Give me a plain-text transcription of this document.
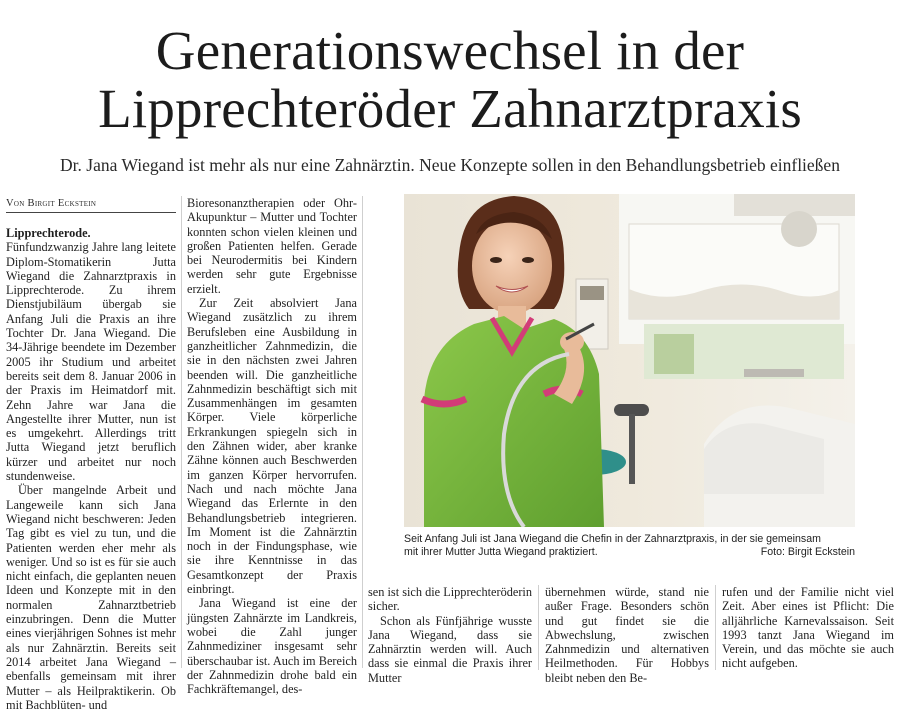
Generationswechsel in der
Lipprechteröder Zahnarztpraxis
Dr. Jana Wiegand ist mehr als nur eine Zahnärztin. Neue Konzepte sollen in den Behandlungsbetrieb einfließen
Von Birgit Eckstein

Lipprechterode. Fünfundzwanzig Jahre lang leitete Diplom-Stomatikerin Jutta Wiegand die Zahnarztpraxis in Lipprechterode. Zu ihrem Dienstjubiläum übergab sie Anfang Juli die Praxis an ihre Tochter Dr. Jana Wiegand. Die 34-Jährige beendete im Dezember 2005 ihr Studium und arbeitet bereits seit dem 8. Januar 2006 in der Praxis im Heimatdorf mit. Zehn Jahre war Jana die Angestellte ihrer Mutter, nun ist es umgekehrt. Allerdings tritt Jutta Wiegand jetzt beruflich kürzer und arbeitet nur noch stundenweise.

Über mangelnde Arbeit und Langeweile kann sich Jana Wiegand nicht beschweren: Jeden Tag gibt es viel zu tun, und die Patienten werden eher mehr als weniger. Und so ist es für sie auch nicht einfach, die geplanten neuen Ideen und Konzepte mit in den normalen Zahnarztbetrieb einzubringen. Denn die Mutter eines vierjährigen Sohnes ist mehr als nur Zahnärztin. Bereits seit 2014 arbeitet Jana Wiegand – ebenfalls gemeinsam mit ihrer Mutter – als Heilpraktikerin. Ob mit Bachblüten- und

Bioresonanztherapien oder Ohr-Akupunktur – Mutter und Tochter konnten schon vielen kleinen und großen Patienten helfen. Gerade bei Neurodermitis bei Kindern werden sehr gute Ergebnisse erzielt.

Zur Zeit absolviert Jana Wiegand zusätzlich zu ihrem Berufsleben eine Ausbildung in ganzheitlicher Zahnmedizin, die sie in den nächsten zwei Jahren beenden will. Die ganzheitliche Zahnmedizin beschäftigt sich mit Zusammenhängen im gesamten Körper. Viele körperliche Erkrankungen spiegeln sich in den Zähnen wider, aber kranke Zähne können auch Beschwerden im ganzen Körper hervorrufen. Nach und nach möchte Jana Wiegand das Erlernte in den Behandlungsbetrieb integrieren. Im Moment ist die Zahnärztin noch in der Findungsphase, wie sie ihre Kenntnisse in das Gesamtkonzept der Praxis einbringt.

Jana Wiegand ist eine der jüngsten Zahnärzte im Landkreis, wobei die Zahl junger Zahnmediziner insgesamt sehr überschaubar ist. Auch im Bereich der Zahnmedizin drohe bald ein Fachkräftemangel, des-

Seit Anfang Juli ist Jana Wiegand die Chefin in der Zahnarztpraxis, in der sie gemeinsam
mit ihrer Mutter Jutta Wiegand praktiziert.	Foto: Birgit Eckstein

sen ist sich die Lipprechteröderin sicher.

Schon als Fünfjährige wusste Jana Wiegand, dass sie Zahnärztin werden will. Auch dass sie einmal die Praxis ihrer Mutter

übernehmen würde, stand nie außer Frage. Besonders schön und gut findet sie die Abwechslung, zwischen Zahnmedizin und alternativen Heilmethoden. Für Hobbys bleibt neben den Be-

rufen und der Familie nicht viel Zeit. Aber eines ist Pflicht: Die alljährliche Karnevalssaison. Seit 1993 tanzt Jana Wiegand im Verein, und das möchte sie auch nicht aufgeben.
